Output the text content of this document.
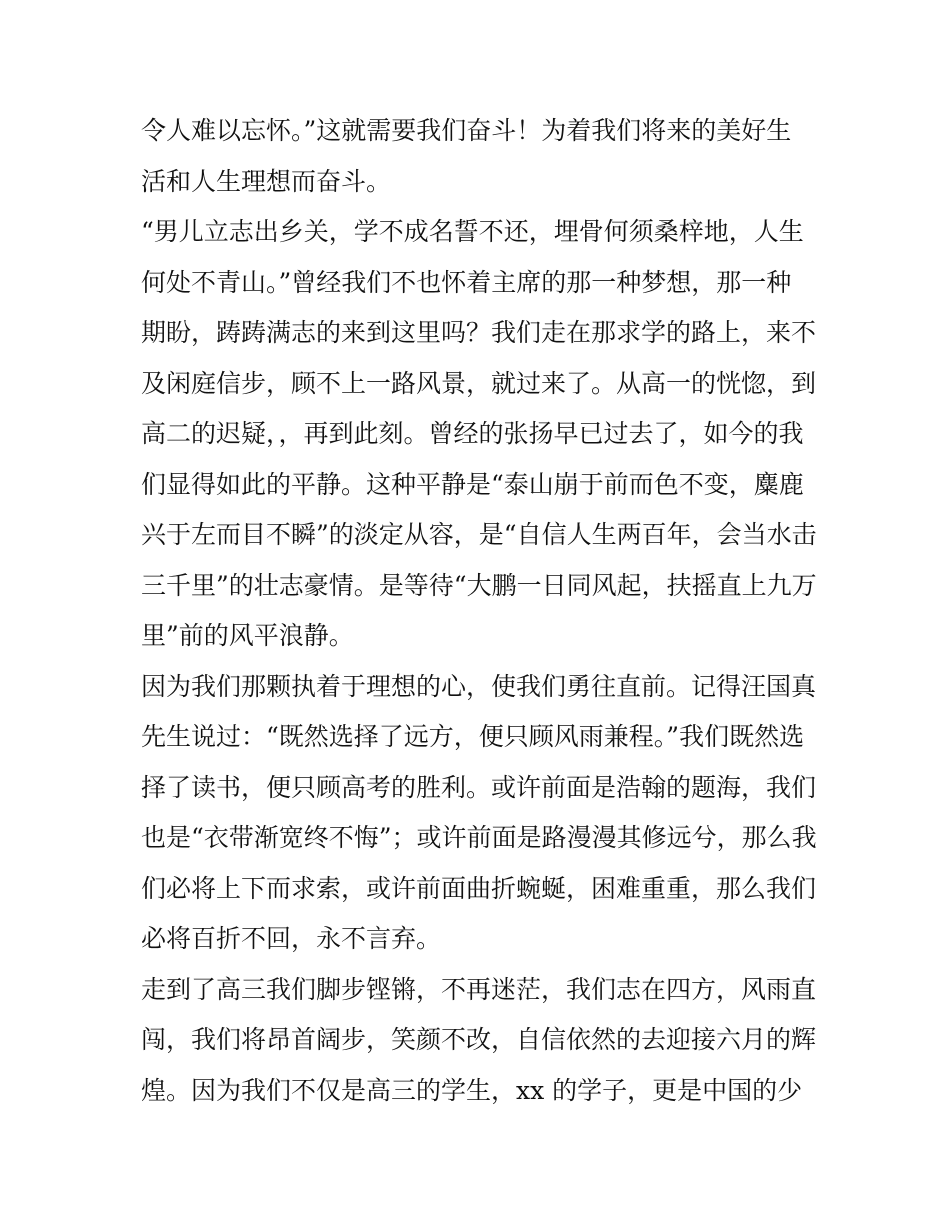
令人难以忘怀。”这就需要我们奋斗！为着我们将来的美好生
活和人生理想而奋斗。
“男儿立志出乡关，学不成名誓不还，埋骨何须桑梓地，人生
何处不青山。”曾经我们不也怀着主席的那一种梦想，那一种
期盼，踌踌满志的来到这里吗？我们走在那求学的路上，来不
及闲庭信步，顾不上一路风景，就过来了。从高一的恍惚，到
高二的迟疑，，再到此刻。曾经的张扬早已过去了，如今的我
们显得如此的平静。这种平静是“泰山崩于前而色不变，麋鹿
兴于左而目不瞬”的淡定从容，是“自信人生两百年，会当水击
三千里”的壮志豪情。是等待“大鹏一日同风起，扶摇直上九万
里”前的风平浪静。
因为我们那颗执着于理想的心，使我们勇往直前。记得汪国真
先生说过：“既然选择了远方，便只顾风雨兼程。”我们既然选
择了读书，便只顾高考的胜利。或许前面是浩翰的题海，我们
也是“衣带渐宽终不悔”；或许前面是路漫漫其修远兮，那么我
们必将上下而求索，或许前面曲折蜿蜒，困难重重，那么我们
必将百折不回，永不言弃。
走到了高三我们脚步铿锵，不再迷茫，我们志在四方，风雨直
闯，我们将昂首阔步，笑颜不改，自信依然的去迎接六月的辉
煌。因为我们不仅是高三的学生，xx 的学子，更是中国的少
